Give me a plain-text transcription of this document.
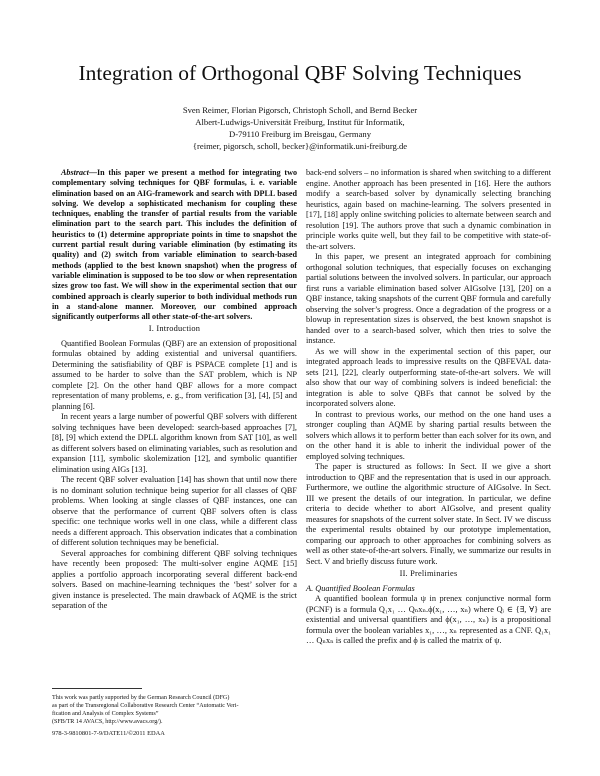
Integration of Orthogonal QBF Solving Techniques
Sven Reimer, Florian Pigorsch, Christoph Scholl, and Bernd Becker
Albert-Ludwigs-Universität Freiburg, Institut für Informatik,
D-79110 Freiburg im Breisgau, Germany
{reimer, pigorsch, scholl, becker}@informatik.uni-freiburg.de

Abstract—In this paper we present a method for integrating two complementary solving techniques for QBF formulas, i. e. variable elimination based on an AIG-framework and search with DPLL based solving. We develop a sophisticated mechanism for coupling these techniques, enabling the transfer of partial results from the variable elimination part to the search part. This includes the definition of heuristics to (1) determine appropriate points in time to snapshot the current partial result during variable elimination (by estimating its quality) and (2) switch from variable elimination to search-based methods (applied to the best known snapshot) when the progress of variable elimination is supposed to be too slow or when representation sizes grow too fast. We will show in the experimental section that our combined approach is clearly superior to both individual methods run in a stand-alone manner. Moreover, our combined approach significantly outperforms all other state-of-the-art solvers.

I. Introduction

Quantified Boolean Formulas (QBF) are an extension of propositional formulas obtained by adding existential and universal quantifiers. Determining the satisfiability of QBF is PSPACE complete [1] and is assumed to be harder to solve than the SAT problem, which is NP complete [2]. On the other hand QBF allows for a more compact representation of many problems, e. g., from verification [3], [4], [5] and planning [6].

In recent years a large number of powerful QBF solvers with different solving techniques have been developed: search-based approaches [7], [8], [9] which extend the DPLL algorithm known from SAT [10], as well as different solvers based on eliminating variables, such as resolution and expansion [11], symbolic skolemization [12], and symbolic quantifier elimination using AIGs [13].

The recent QBF solver evaluation [14] has shown that until now there is no dominant solution technique being superior for all classes of QBF problems. When looking at single classes of QBF instances, one can observe that the performance of current QBF solvers often is class specific: one technique works well in one class, while a different class needs a different approach. This observation indicates that a combination of different solution techniques may be beneficial.

Several approaches for combining different QBF solving techniques have recently been proposed: The multi-solver engine AQME [15] applies a portfolio approach incorporating several different back-end solvers. Based on machine-learning techniques the ‘best’ solver for a given instance is preselected. The main drawback of AQME is the strict separation of the

back-end solvers – no information is shared when switching to a different engine. Another approach has been presented in [16]. Here the authors modify a search-based solver by dynamically selecting branching heuristics, again based on machine-learning. The solvers presented in [17], [18] apply online switching policies to alternate between search and resolution [19]. The authors prove that such a dynamic combination in principle works quite well, but they fail to be competitive with state-of-the-art solvers.

In this paper, we present an integrated approach for combining orthogonal solution techniques, that especially focuses on exchanging partial solutions between the involved solvers. In particular, our approach first runs a variable elimination based solver AIGsolve [13], [20] on a QBF instance, taking snapshots of the current QBF formula and carefully observing the solver’s progress. Once a degradation of the progress or a blowup in representation sizes is observed, the best known snapshot is handed over to a search-based solver, which then tries to solve the instance.

As we will show in the experimental section of this paper, our integrated approach leads to impressive results on the QBFEVAL data-sets [21], [22], clearly outperforming state-of-the-art solvers. We will also show that our way of combining solvers is indeed beneficial: the integration is able to solve QBFs that cannot be solved by the incorporated solvers alone.

In contrast to previous works, our method on the one hand uses a stronger coupling than AQME by sharing partial results between the solvers which allows it to perform better than each solver for its own, and on the other hand it is able to inherit the individual power of the employed solving techniques.

The paper is structured as follows: In Sect. II we give a short introduction to QBF and the representation that is used in our approach. Furthermore, we outline the algorithmic structure of AIGsolve. In Sect. III we present the details of our integration. In particular, we define criteria to decide whether to abort AIGsolve, and present quality measures for snapshots of the current solver state. In Sect. IV we discuss the experimental results obtained by our prototype implementation, comparing our approach to other approaches for combining solvers as well as other state-of-the-art solvers. Finally, we summarize our results in Sect. V and briefly discuss future work.

II. Preliminaries

A. Quantified Boolean Formulas

A quantified boolean formula ψ in prenex conjunctive normal form (PCNF) is a formula Q₁x₁ … Qₙxₙ.ϕ(x₁, …, xₙ) where Qᵢ ∈ {∃, ∀} are existential and universal quantifiers and ϕ(x₁, …, xₙ) is a propositional formula over the boolean variables x₁, …, xₙ represented as a CNF. Q₁x₁ … Qₙxₙ is called the prefix and ϕ is called the matrix of ψ.

This work was partly supported by the German Research Council (DFG)
as part of the Transregional Collaborative Research Center “Automatic Veri-
fication and Analysis of Complex Systems”
(SFB/TR 14 AVACS, http://www.avacs.org/).
978-3-9810801-7-9/DATE11/©2011 EDAA
